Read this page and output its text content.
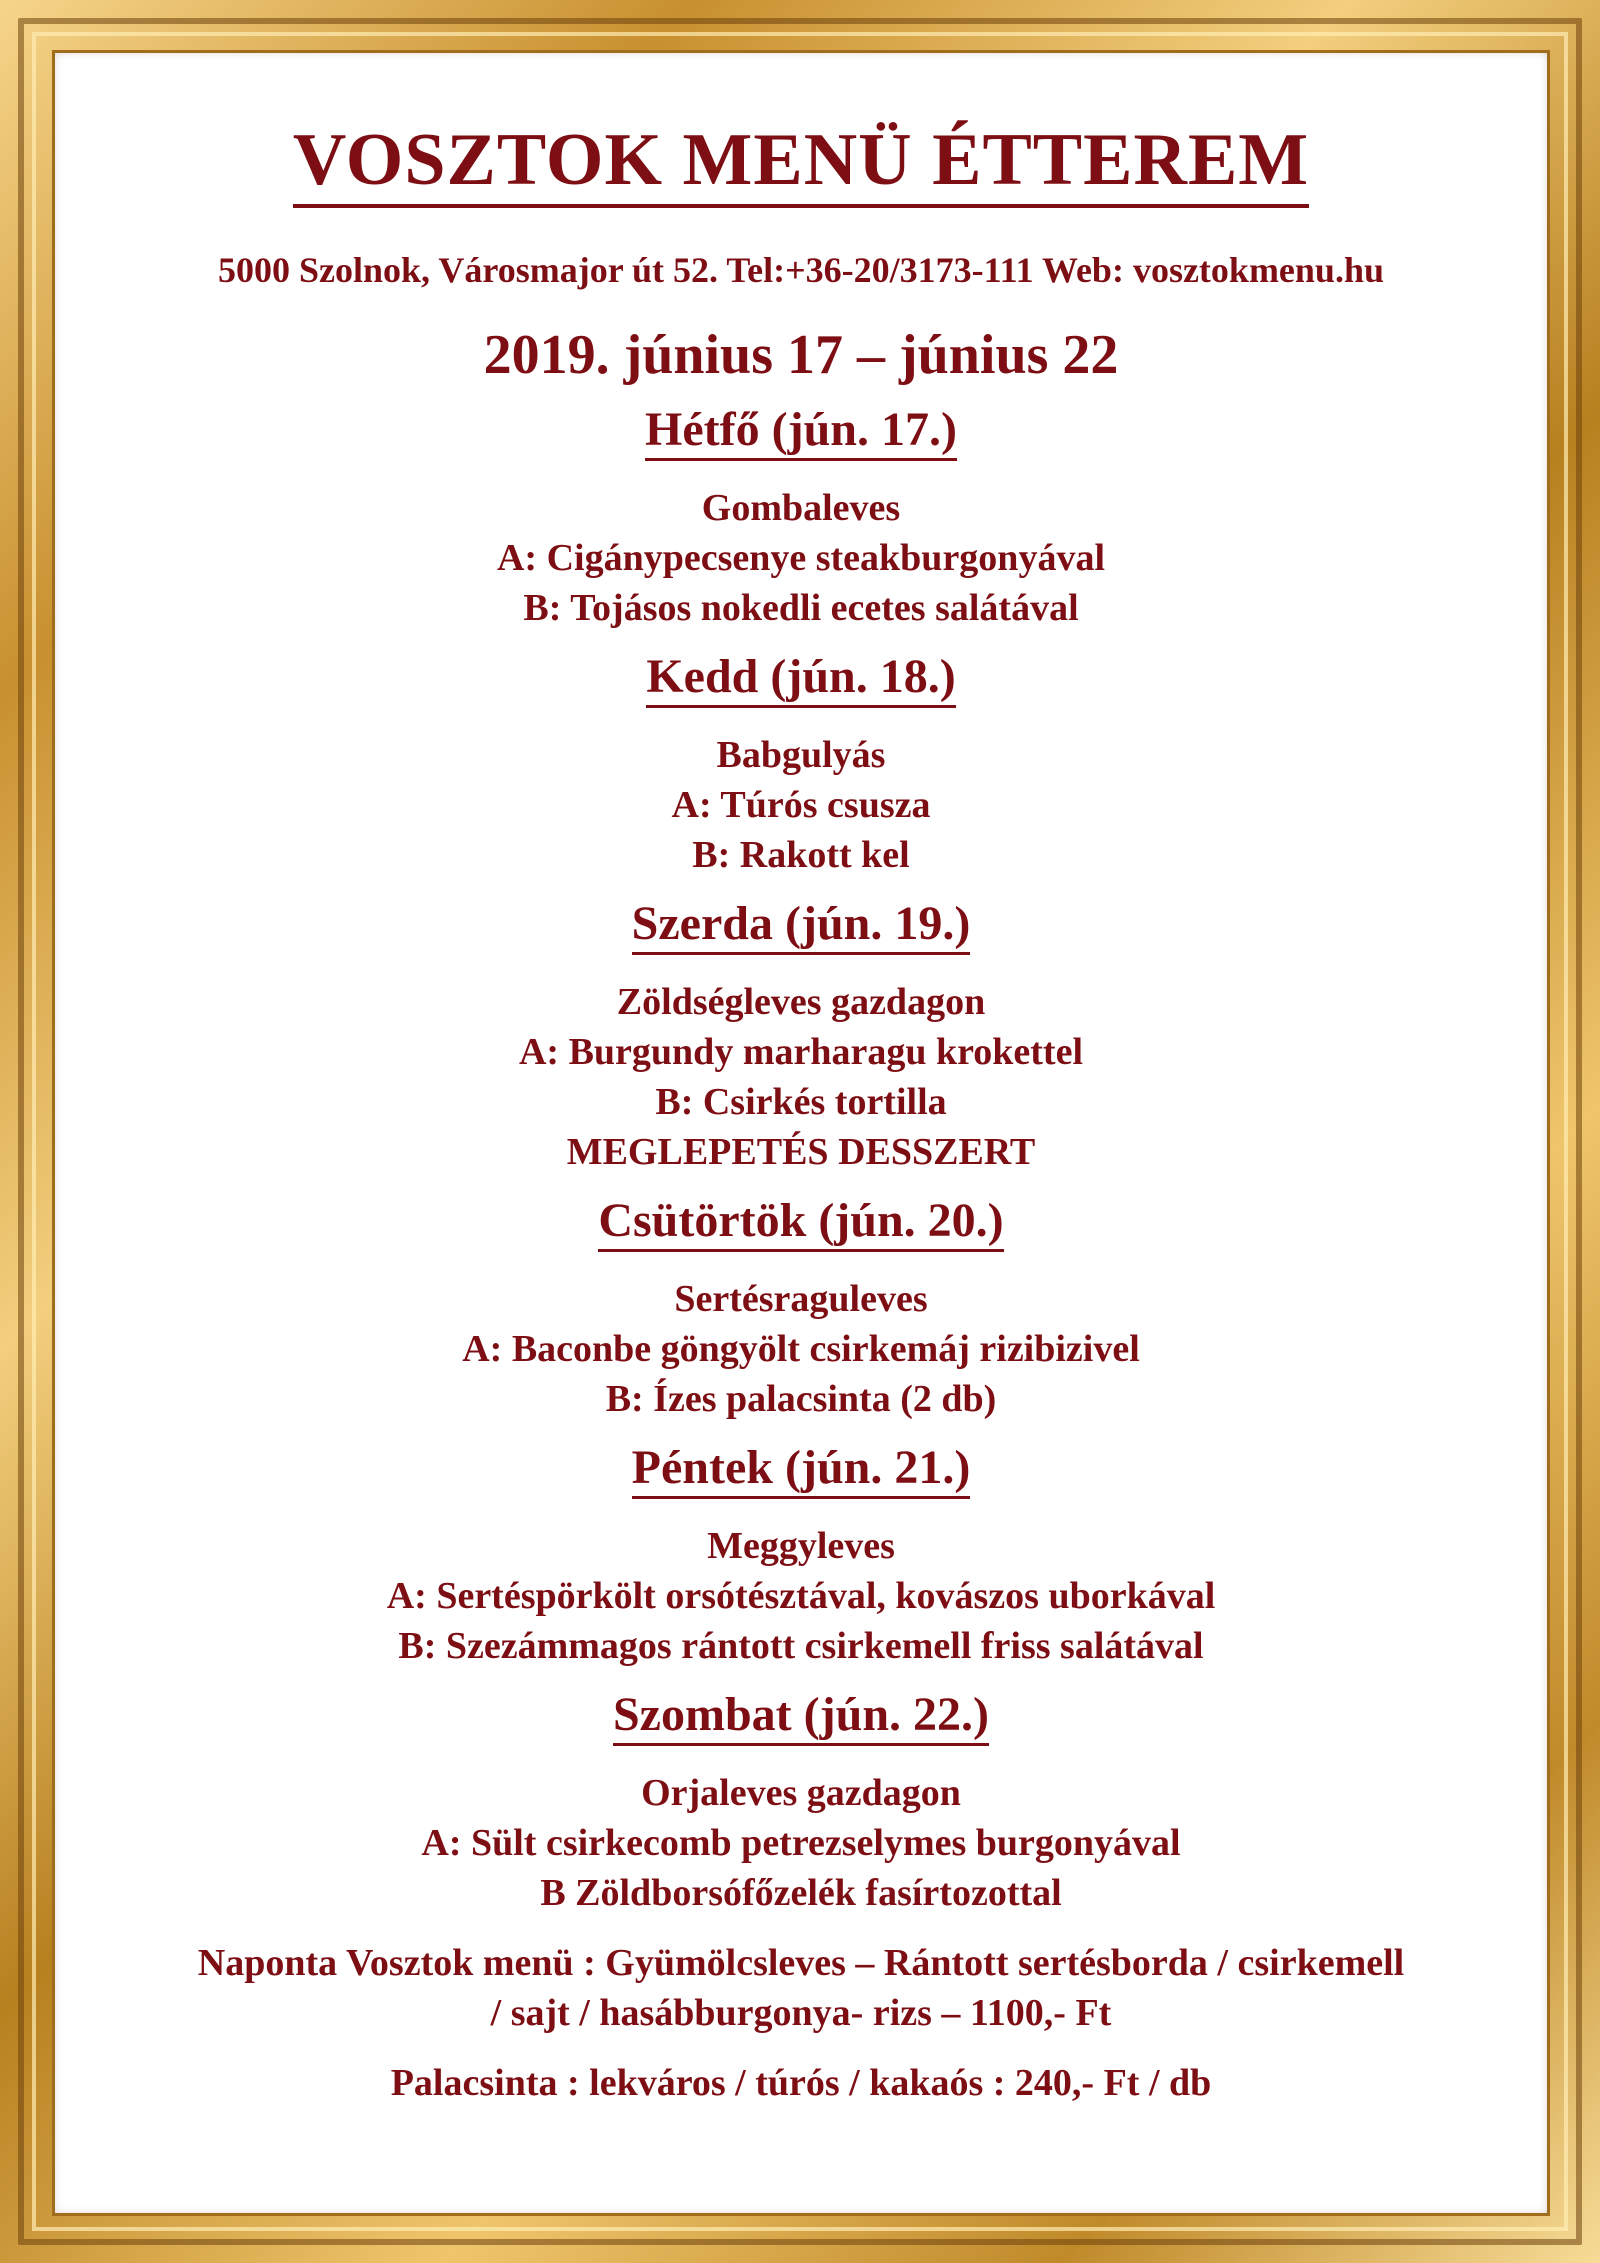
VOSZTOK MENÜ ÉTTEREM
5000 Szolnok, Városmajor út 52. Tel:+36-20/3173-111 Web: vosztokmenu.hu
2019. június 17 – június 22
Hétfő (jún. 17.)
Gombaleves
A: Cigánypecsenye steakburgonyával
B: Tojásos nokedli ecetes salátával
Kedd (jún. 18.)
Babgulyás
A: Túrós csusza
B: Rakott kel
Szerda (jún. 19.)
Zöldségleves gazdagon
A: Burgundy marharagu krokettel
B: Csirkés tortilla
MEGLEPETÉS DESSZERT
Csütörtök (jún. 20.)
Sertésraguleves
A: Baconbe göngyölt csirkemáj rizibizivel
B: Ízes palacsinta (2 db)
Péntek (jún. 21.)
Meggyleves
A: Sertéspörkölt orsótésztával, kovászos uborkával
B: Szezámmagos rántott csirkemell friss salátával
Szombat (jún. 22.)
Orjaleves gazdagon
A: Sült csirkecomb petrezselymes burgonyával
B Zöldborsófőzelék fasírtozottal
Naponta Vosztok menü : Gyümölcsleves – Rántott sertésborda / csirkemell
/ sajt / hasábburgonya- rizs – 1100,- Ft
Palacsinta : lekváros / túrós / kakaós : 240,- Ft / db
